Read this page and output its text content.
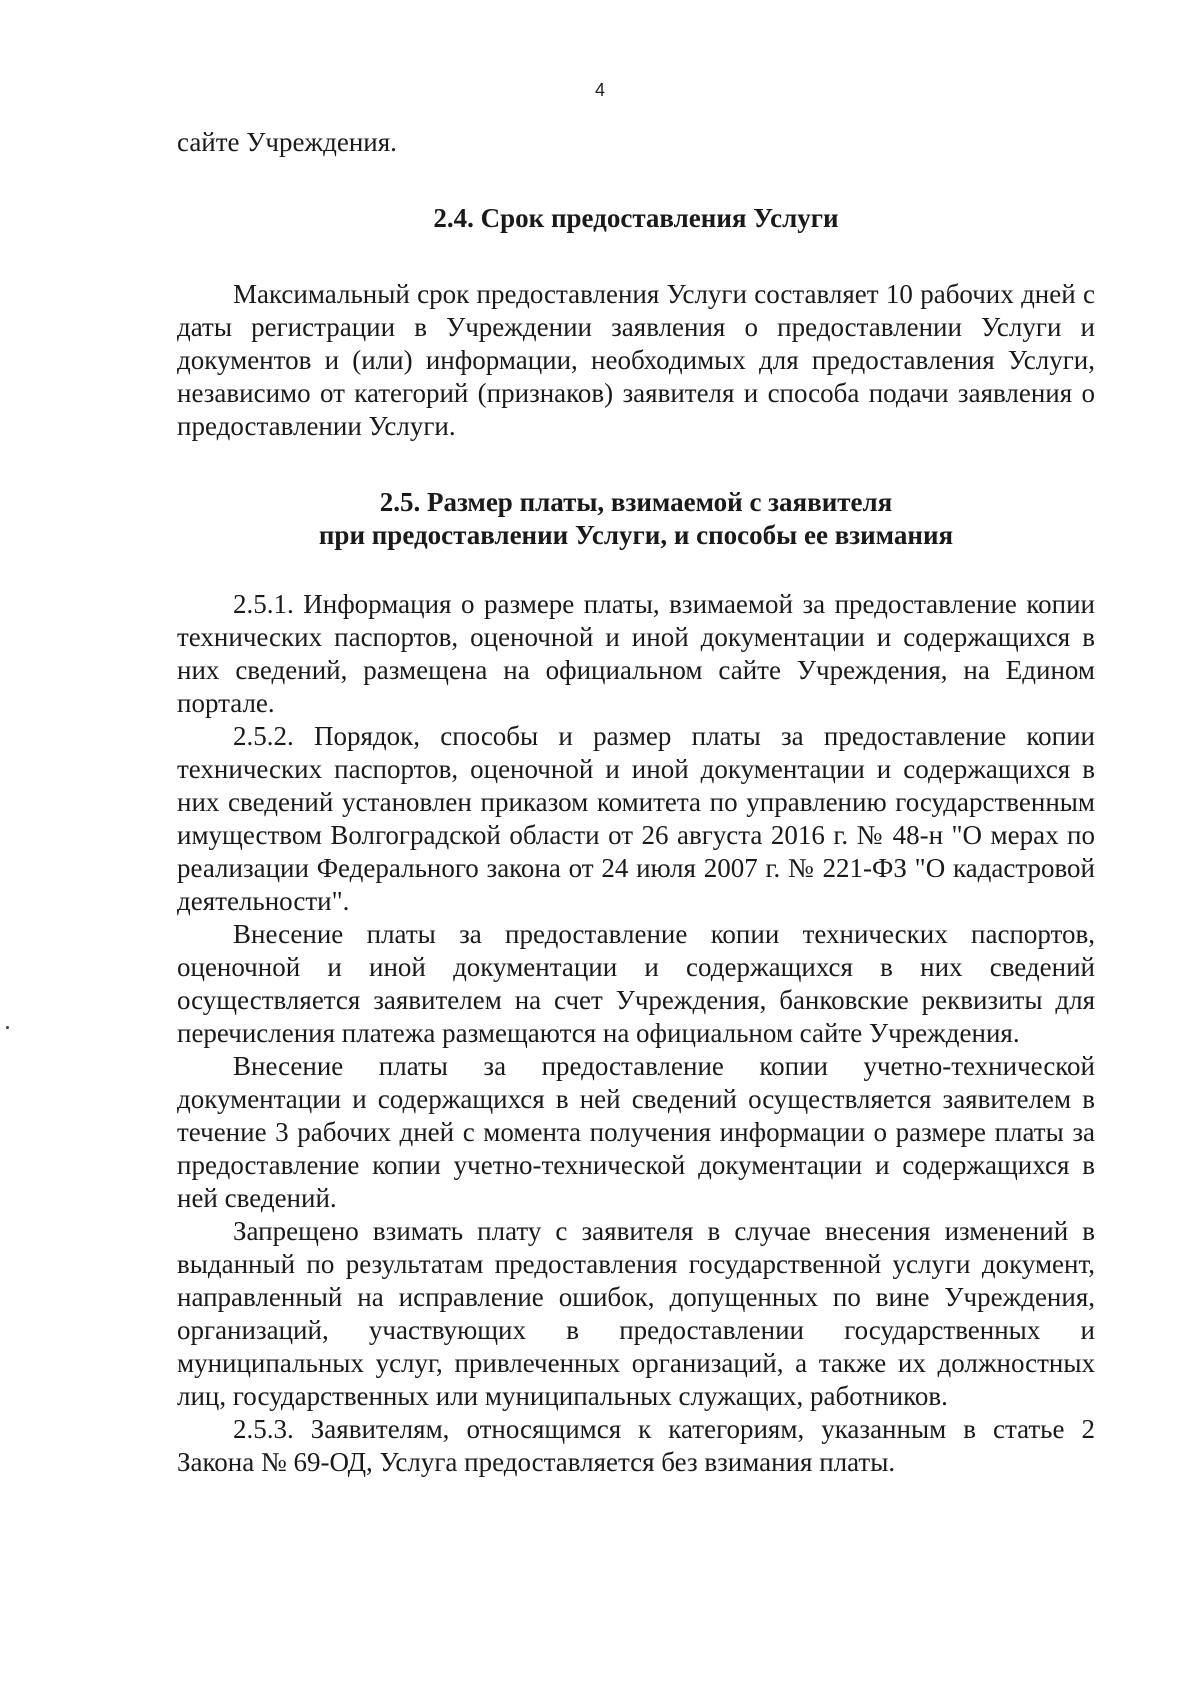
4

сайте Учреждения.

2.4. Срок предоставления Услуги

Максимальный срок предоставления Услуги составляет 10 рабочих дней с даты регистрации в Учреждении заявления о предоставлении Услуги и документов и (или) информации, необходимых для предоставления Услуги, независимо от категорий (признаков) заявителя и способа подачи заявления о предоставлении Услуги.

2.5. Размер платы, взимаемой с заявителя
при предоставлении Услуги, и способы ее взимания

2.5.1. Информация о размере платы, взимаемой за предоставление копии технических паспортов, оценочной и иной документации и содержащихся в них сведений, размещена на официальном сайте Учреждения, на Едином портале.

2.5.2. Порядок, способы и размер платы за предоставление копии технических паспортов, оценочной и иной документации и содержащихся в них сведений установлен приказом комитета по управлению государственным имуществом Волгоградской области от 26 августа 2016 г. № 48-н "О мерах по реализации Федерального закона от 24 июля 2007 г. № 221-ФЗ "О кадастровой деятельности".

Внесение платы за предоставление копии технических паспортов, оценочной и иной документации и содержащихся в них сведений осуществляется заявителем на счет Учреждения, банковские реквизиты для перечисления платежа размещаются на официальном сайте Учреждения.

Внесение платы за предоставление копии учетно-технической документации и содержащихся в ней сведений осуществляется заявителем в течение 3 рабочих дней с момента получения информации о размере платы за предоставление копии учетно-технической документации и содержащихся в ней сведений.

Запрещено взимать плату с заявителя в случае внесения изменений в выданный по результатам предоставления государственной услуги документ, направленный на исправление ошибок, допущенных по вине Учреждения, организаций, участвующих в предоставлении государственных и муниципальных услуг, привлеченных организаций, а также их должностных лиц, государственных или муниципальных служащих, работников.

2.5.3. Заявителям, относящимся к категориям, указанным в статье 2 Закона № 69-ОД, Услуга предоставляется без взимания платы.
